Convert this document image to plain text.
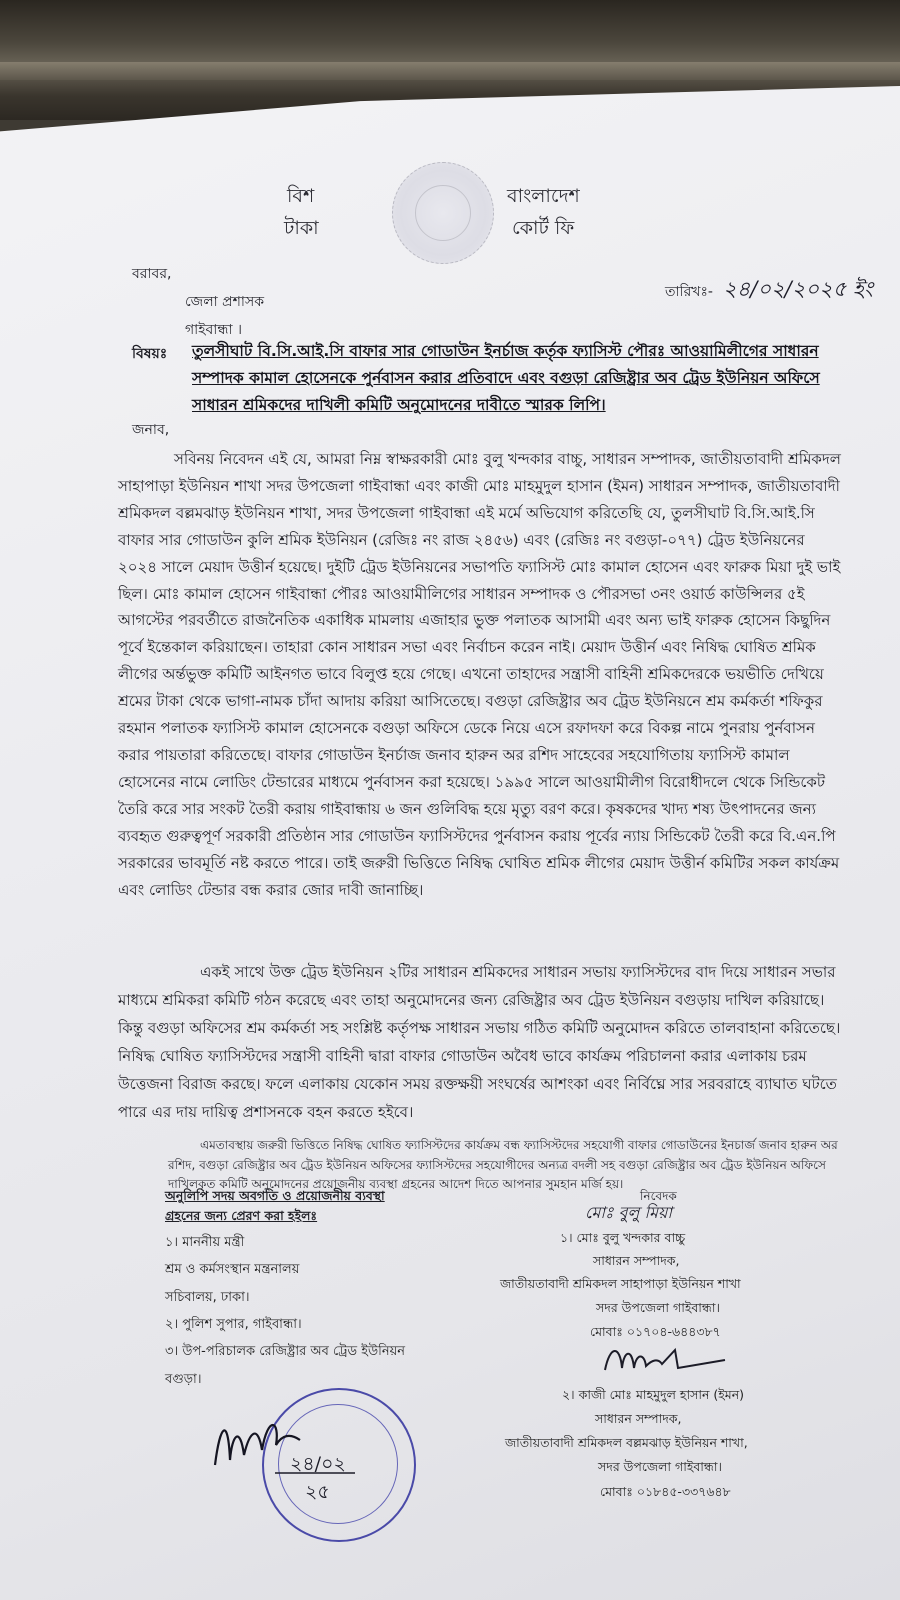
বিশ
টাকা
বাংলাদেশ
কোর্ট ফি
বরাবর,
তারিখঃ- ২৪/০২/২০২৫ ইং
জেলা প্রশাসক
গাইবান্ধা ।
বিষয়ঃ তুলসীঘাট বি.সি.আই.সি বাফার সার গোডাউন ইনর্চাজ কর্তৃক ফ্যাসিস্ট পৌরঃ আওয়ামিলীগের সাধারন সম্পাদক কামাল হোসেনকে পুর্নবাসন করার প্রতিবাদে এবং বগুড়া রেজিষ্ট্রার অব ট্রেড ইউনিয়ন অফিসে সাধারন শ্রমিকদের দাখিলী কমিটি অনুমোদনের দাবীতে স্মারক লিপি।

জনাব,

সবিনয় নিবেদন এই যে, আমরা নিম্ন স্বাক্ষরকারী মোঃ বুলু খন্দকার বাচ্চু, সাধারন সম্পাদক, জাতীয়তাবাদী শ্রমিকদল সাহাপাড়া ইউনিয়ন শাখা সদর উপজেলা গাইবান্ধা এবং কাজী মোঃ মাহমুদুল হাসান (ইমন) সাধারন সম্পাদক, জাতীয়তাবাদী শ্রমিকদল বল্লমঝাড় ইউনিয়ন শাখা, সদর উপজেলা গাইবান্ধা এই মর্মে অভিযোগ করিতেছি যে, তুলসীঘাট বি.সি.আই.সি বাফার সার গোডাউন কুলি শ্রমিক ইউনিয়ন (রেজিঃ নং রাজ ২৪৫৬) এবং (রেজিঃ নং বগুড়া-০৭৭) ট্রেড ইউনিয়নের ২০২৪ সালে মেয়াদ উত্তীর্ন হয়েছে। দুইটি ট্রেড ইউনিয়নের সভাপতি ফ্যাসিস্ট মোঃ কামাল হোসেন এবং ফারুক মিয়া দুই ভাই ছিল। মোঃ কামাল হোসেন গাইবান্ধা পৌরঃ আওয়ামীলিগের সাধারন সম্পাদক ও পৌরসভা ৩নং ওয়ার্ড কাউন্সিলর ৫ই আগস্টের পরবর্তীতে রাজনৈতিক একাধিক মামলায় এজাহার ভুক্ত পলাতক আসামী এবং অন্য ভাই ফারুক হোসেন কিছুদিন পূর্বে ইন্তেকাল করিয়াছেন। তাহারা কোন সাধারন সভা এবং নির্বাচন করেন নাই। মেয়াদ উত্তীর্ন এবং নিষিদ্ধ ঘোষিত শ্রমিক লীগের অর্ন্তভুক্ত কমিটি আইনগত ভাবে বিলুপ্ত হয়ে গেছে। এখনো তাহাদের সন্ত্রাসী বাহিনী শ্রমিকদেরকে ভয়ভীতি দেখিয়ে শ্রমের টাকা থেকে ভাগা-নামক চাঁদা আদায় করিয়া আসিতেছে। বগুড়া রেজিষ্ট্রার অব ট্রেড ইউনিয়নে শ্রম কর্মকর্তা শফিকুর রহমান পলাতক ফ্যাসিস্ট কামাল হোসেনকে বগুড়া অফিসে ডেকে নিয়ে এসে রফাদফা করে বিকল্প নামে পুনরায় পুর্নবাসন করার পায়তারা করিতেছে। বাফার গোডাউন ইনর্চাজ জনাব হারুন অর রশিদ সাহেবের সহযোগিতায় ফ্যাসিস্ট কামাল হোসেনের নামে লোডিং টেন্ডারের মাধ্যমে পুর্নবাসন করা হয়েছে। ১৯৯৫ সালে আওয়ামীলীগ বিরোধীদলে থেকে সিন্ডিকেট তৈরি করে সার সংকট তৈরী করায় গাইবান্ধায় ৬ জন গুলিবিদ্ধ হয়ে মৃত্যু বরণ করে। কৃষকদের খাদ্য শষ্য উৎপাদনের জন্য ব্যবহৃত গুরুত্বপূর্ণ সরকারী প্রতিষ্ঠান সার গোডাউন ফ্যাসিস্টদের পুর্নবাসন করায় পূর্বের ন্যায় সিন্ডিকেট তৈরী করে বি.এন.পি সরকারের ভাবমূর্তি নষ্ট করতে পারে। তাই জরুরী ভিত্তিতে নিষিদ্ধ ঘোষিত শ্রমিক লীগের মেয়াদ উত্তীর্ন কমিটির সকল কার্যক্রম এবং লোডিং টেন্ডার বন্ধ করার জোর দাবী জানাচ্ছি।

একই সাথে উক্ত ট্রেড ইউনিয়ন ২টির সাধারন শ্রমিকদের সাধারন সভায় ফ্যাসিস্টদের বাদ দিয়ে সাধারন সভার মাধ্যমে শ্রমিকরা কমিটি গঠন করেছে এবং তাহা অনুমোদনের জন্য রেজিষ্ট্রার অব ট্রেড ইউনিয়ন বগুড়ায় দাখিল করিয়াছে। কিন্তু বগুড়া অফিসের শ্রম কর্মকর্তা সহ সংশ্লিষ্ট কর্তৃপক্ষ সাধারন সভায় গঠিত কমিটি অনুমোদন করিতে তালবাহানা করিতেছে। নিষিদ্ধ ঘোষিত ফ্যাসিস্টদের সন্ত্রাসী বাহিনী দ্বারা বাফার গোডাউন অবৈধ ভাবে কার্যক্রম পরিচালনা করার এলাকায় চরম উত্তেজনা বিরাজ করছে। ফলে এলাকায় যেকোন সময় রক্তক্ষয়ী সংঘর্ষের আশংকা এবং নির্বিঘ্নে সার সরবরাহে ব্যাঘাত ঘটতে পারে এর দায় দায়িত্ব প্রশাসনকে বহন করতে হইবে।

এমতাবস্থায় জরুরী ভিত্তিতে নিষিদ্ধ ঘোষিত ফ্যাসিস্টদের কার্যক্রম বন্ধ ফ্যাসিস্টদের সহযোগী বাফার গোডাউনের ইনচার্জ জনাব হারুন অর রশিদ, বগুড়া রেজিষ্ট্রার অব ট্রেড ইউনিয়ন অফিসের ফ্যাসিস্টদের সহযোগীদের অন্যত্র বদলী সহ বগুড়া রেজিষ্ট্রার অব ট্রেড ইউনিয়ন অফিসে দাখিলকৃত কমিটি অনুমোদনের প্রয়োজনীয় ব্যবস্থা গ্রহনের আদেশ দিতে আপনার সুমহান মর্জি হয়।

অনুলিপি সদয় অবগতি ও প্রয়োজনীয় ব্যবস্থা
গ্রহনের জন্য প্রেরণ করা হইলঃ
১। মাননীয় মন্ত্রী
শ্রম ও কর্মসংস্থান মন্ত্রনালয়
সচিবালয়, ঢাকা।
২। পুলিশ সুপার, গাইবান্ধা।
৩। উপ-পরিচালক রেজিষ্ট্রার অব ট্রেড ইউনিয়ন
বগুড়া।
নিবেদক
মোঃ বুলু মিয়া
১। মোঃ বুলু খন্দকার বাচ্চু
সাধারন সম্পাদক,
জাতীয়তাবাদী শ্রমিকদল সাহাপাড়া ইউনিয়ন শাখা
সদর উপজেলা গাইবান্ধা।
মোবাঃ ০১৭০৪-৬৪৪৩৮৭
২। কাজী মোঃ মাহমুদুল হাসান (ইমন)
সাধারন সম্পাদক,
জাতীয়তাবাদী শ্রমিকদল বল্লমঝাড় ইউনিয়ন শাখা,
সদর উপজেলা গাইবান্ধা।
মোবাঃ ০১৮৪৫-৩৩৭৬৪৮
২৪/০২
২৫
